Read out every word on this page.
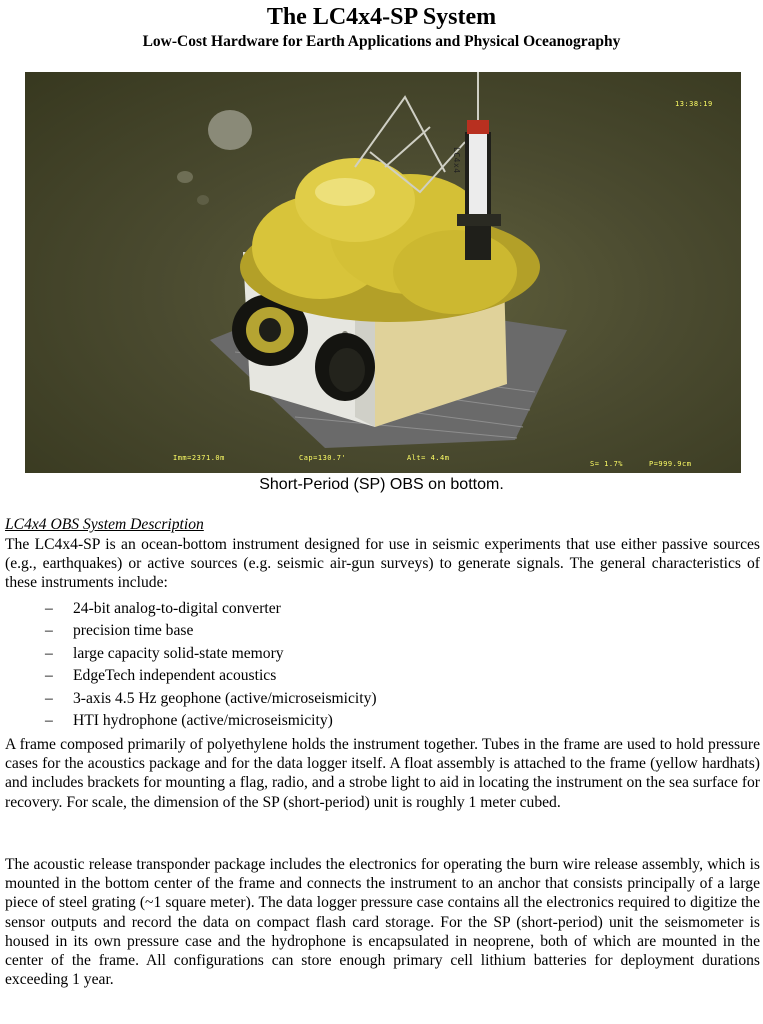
The LC4x4-SP System
Low-Cost Hardware for Earth Applications and Physical Oceanography
13:38:19
LC4x4
Imm=2371.0m	Cap=130.7'	Alt= 4.4m
S= 1.7%	P=999.9cm
Short-Period (SP) OBS on bottom.
LC4x4 OBS System Description
The LC4x4-SP is an ocean-bottom instrument designed for use in seismic experiments that use either passive sources (e.g., earthquakes) or active sources (e.g. seismic air-gun surveys) to generate signals. The general characteristics of these instruments include:
– 24-bit analog-to-digital converter
– precision time base
– large capacity solid-state memory
– EdgeTech independent acoustics
– 3-axis 4.5 Hz geophone (active/microseismicity)
– HTI hydrophone (active/microseismicity)
A frame composed primarily of polyethylene holds the instrument together. Tubes in the frame are used to hold pressure cases for the acoustics package and for the data logger itself. A float assembly is attached to the frame (yellow hardhats) and includes brackets for mounting a flag, radio, and a strobe light to aid in locating the instrument on the sea surface for recovery. For scale, the dimension of the SP (short-period) unit is roughly 1 meter cubed.
The acoustic release transponder package includes the electronics for operating the burn wire release assembly, which is mounted in the bottom center of the frame and connects the instrument to an anchor that consists principally of a large piece of steel grating (~1 square meter). The data logger pressure case contains all the electronics required to digitize the sensor outputs and record the data on compact flash card storage. For the SP (short-period) unit the seismometer is housed in its own pressure case and the hydrophone is encapsulated in neoprene, both of which are mounted in the center of the frame. All configurations can store enough primary cell lithium batteries for deployment durations exceeding 1 year.
